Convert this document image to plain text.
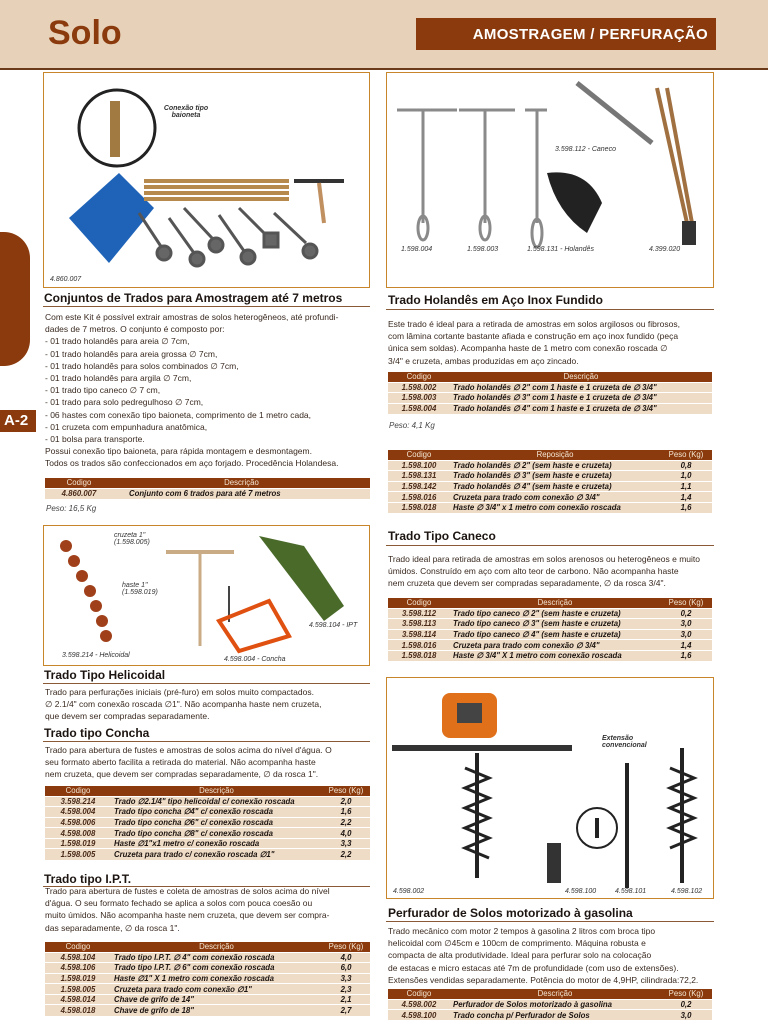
Solo	AMOSTRAGEM / PERFURAÇÃO
A-2
Conexão tipo baioneta
4.860.007
Conjuntos de Trados para Amostragem até 7 metros
Com este Kit é possível extrair amostras de solos heterogêneos, até profundi-
dades de 7 metros. O conjunto é composto por:
- 01 trado holandês para areia ∅ 7cm,
- 01 trado holandês para areia grossa ∅ 7cm,
- 01 trado holandês para solos combinados ∅ 7cm,
- 01 trado holandês para argila ∅ 7cm,
- 01 trado tipo caneco ∅ 7 cm,
- 01 trado para solo pedregulhoso ∅ 7cm,
- 06 hastes com conexão tipo baioneta, comprimento de 1 metro cada,
- 01 cruzeta com empunhadura anatômica,
- 01 bolsa para transporte.
Possui conexão tipo baioneta, para rápida montagem e desmontagem.
Todos os trados são confeccionados em aço forjado. Procedência Holandesa.
Codigo	Descrição
4.860.007	Conjunto com 6 trados para até 7 metros
Peso: 16,5 Kg
cruzeta 1" (1.598.005)
haste 1" (1.598.019)
3.598.214 - Helicoidal
4.598.004 - Concha
4.598.104 - IPT
Trado Tipo Helicoidal
Trado para perfurações iniciais (pré-furo) em solos muito compactados.
∅ 2.1/4" com conexão roscada ∅1". Não acompanha haste nem cruzeta,
que devem ser compradas separadamente.
Trado tipo Concha
Trado para abertura de fustes e amostras de solos acima do nível d'água. O
seu formato aberto facilita a retirada do material. Não acompanha haste
nem cruzeta, que devem ser compradas separadamente, ∅ da rosca 1".
Codigo	Descrição	Peso (Kg)
3.598.214	Trado ∅2.1/4" tipo helicoidal c/ conexão roscada	2,0
4.598.004	Trado tipo concha ∅4" c/ conexão roscada	1,6
4.598.006	Trado tipo concha ∅6" c/ conexão roscada	2,2
4.598.008	Trado tipo concha ∅8" c/ conexão roscada	4,0
1.598.019	Haste ∅1"x1 metro c/ conexão roscada	3,3
1.598.005	Cruzeta para trado c/ conexão roscada ∅1"	2,2
Trado tipo I.P.T.
Trado para abertura de fustes e coleta de amostras de solos acima do nível
d'água. O seu formato fechado se aplica a solos com pouca coesão ou
muito úmidos. Não acompanha haste nem cruzeta, que devem ser compra-
das separadamente, ∅ da rosca 1".
Codigo	Descrição	Peso (Kg)
4.598.104	Trado tipo I.P.T. ∅ 4" com conexão roscada	4,0
4.598.106	Trado tipo I.P.T. ∅ 6" com conexão roscada	6,0
1.598.019	Haste ∅1" X 1 metro com conexão roscada	3,3
1.598.005	Cruzeta para trado com conexão ∅1"	2,3
4.598.014	Chave de grifo de 14"	2,1
4.598.018	Chave de grifo de 18"	2,7
1.598.004	1.598.003	1.598.131 - Holandês	4.399.020
3.598.112 - Caneco
Trado Holandês em Aço Inox Fundido
Este trado é ideal para a retirada de amostras em solos argilosos ou fibrosos,
com lâmina cortante bastante afiada e construção em aço inox fundido (peça
única sem soldas). Acompanha haste de 1 metro com conexão roscada ∅
3/4" e cruzeta, ambas produzidas em aço zincado.
Codigo	Descrição
1.598.002	Trado holandês ∅ 2" com 1 haste e 1 cruzeta de ∅ 3/4"
1.598.003	Trado holandês ∅ 3" com 1 haste e 1 cruzeta de ∅ 3/4"
1.598.004	Trado holandês ∅ 4" com 1 haste e 1 cruzeta de ∅ 3/4"
Peso: 4,1 Kg
Codigo	Reposição	Peso (Kg)
1.598.100	Trado holandês ∅ 2" (sem haste e cruzeta)	0,8
1.598.131	Trado holandês ∅ 3" (sem haste e cruzeta)	1,0
1.598.142	Trado holandês ∅ 4" (sem haste e cruzeta)	1,1
1.598.016	Cruzeta para trado com conexão ∅ 3/4"	1,4
1.598.018	Haste ∅ 3/4" x 1 metro com conexão roscada	1,6
Trado Tipo Caneco
Trado ideal para retirada de amostras em solos arenosos ou heterogêneos e muito
úmidos. Construído em aço com alto teor de carbono. Não acompanha haste
nem cruzeta que devem ser compradas separadamente, ∅ da rosca 3/4".
Codigo	Descrição	Peso (Kg)
3.598.112	Trado tipo caneco ∅ 2" (sem haste e cruzeta)	0,2
3.598.113	Trado tipo caneco ∅ 3" (sem haste e cruzeta)	3,0
3.598.114	Trado tipo caneco ∅ 4" (sem haste e cruzeta)	3,0
1.598.016	Cruzeta para trado com conexão ∅ 3/4"	1,4
1.598.018	Haste ∅ 3/4" X 1 metro com conexão roscada	1,6
Extensão convencional
4.598.002	4.598.100	4.598.101	4.598.102
Perfurador de Solos motorizado à gasolina
Trado mecânico com motor 2 tempos à gasolina 2 litros com broca tipo
helicoidal com ∅45cm e 100cm de comprimento. Máquina robusta e
compacta de alta produtividade. Ideal para perfurar solo na colocação
de estacas e micro estacas até 7m de profundidade (com uso de extensões).
Extensões vendidas separadamente. Potência do motor de 4,9HP, cilindrada:72,2.
Codigo	Descrição	Peso (Kg)
4.598.002	Perfurador de Solos motorizado à gasolina	0,2
4.598.100	Trado concha p/ Perfurador de Solos	3,0
